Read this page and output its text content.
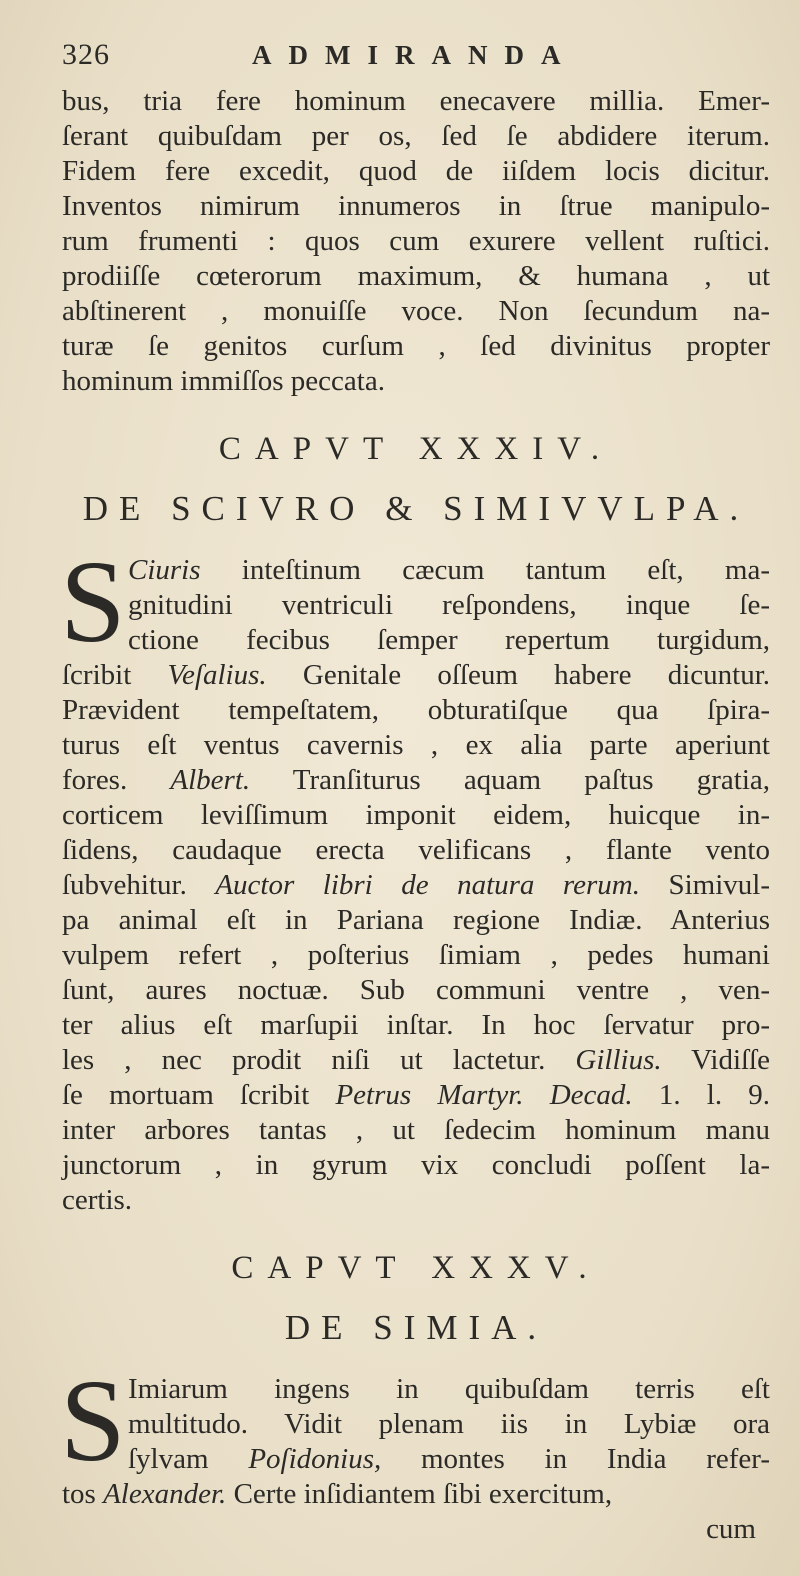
326	ADMIRANDA
bus, tria fere hominum enecavere millia. Emer-
ſerant quibuſdam per os, ſed ſe abdidere iterum.
Fidem fere excedit, quod de iiſdem locis dicitur.
Inventos nimirum innumeros in ſtrue manipulo-
rum frumenti : quos cum exurere vellent ruſtici.
prodiiſſe cœterorum maximum, & humana , ut
abſtinerent , monuiſſe voce. Non ſecundum na-
turæ ſe genitos curſum , ſed divinitus propter
hominum immiſſos peccata.
CAPVT XXXIV.
DE SCIVRO & SIMIVVLPA.
S Ciuris inteſtinum cæcum tantum eſt, ma-
gnitudini ventriculi reſpondens, inque ſe-
ctione fecibus ſemper repertum turgidum,
ſcribit Veſalius. Genitale oſſeum habere dicuntur.
Prævident tempeſtatem, obturatiſque qua ſpira-
turus eſt ventus cavernis , ex alia parte aperiunt
fores. Albert. Tranſiturus aquam paſtus gratia,
corticem leviſſimum imponit eidem, huicque in-
ſidens, caudaque erecta velificans , flante vento
ſubvehitur. Auctor libri de natura rerum. Simivul-
pa animal eſt in Pariana regione Indiæ. Anterius
vulpem refert , poſterius ſimiam , pedes humani
ſunt, aures noctuæ. Sub communi ventre , ven-
ter alius eſt marſupii inſtar. In hoc ſervatur pro-
les , nec prodit niſi ut lactetur. Gillius. Vidiſſe
ſe mortuam ſcribit Petrus Martyr. Decad. 1. l. 9.
inter arbores tantas , ut ſedecim hominum manu
junctorum , in gyrum vix concludi poſſent la-
certis.
CAPVT XXXV.
DE SIMIA.
S Imiarum ingens in quibuſdam terris eſt
multitudo. Vidit plenam iis in Lybiæ ora
ſylvam Poſidonius, montes in India refer-
tos Alexander. Certe inſidiantem ſibi exercitum,
cum
